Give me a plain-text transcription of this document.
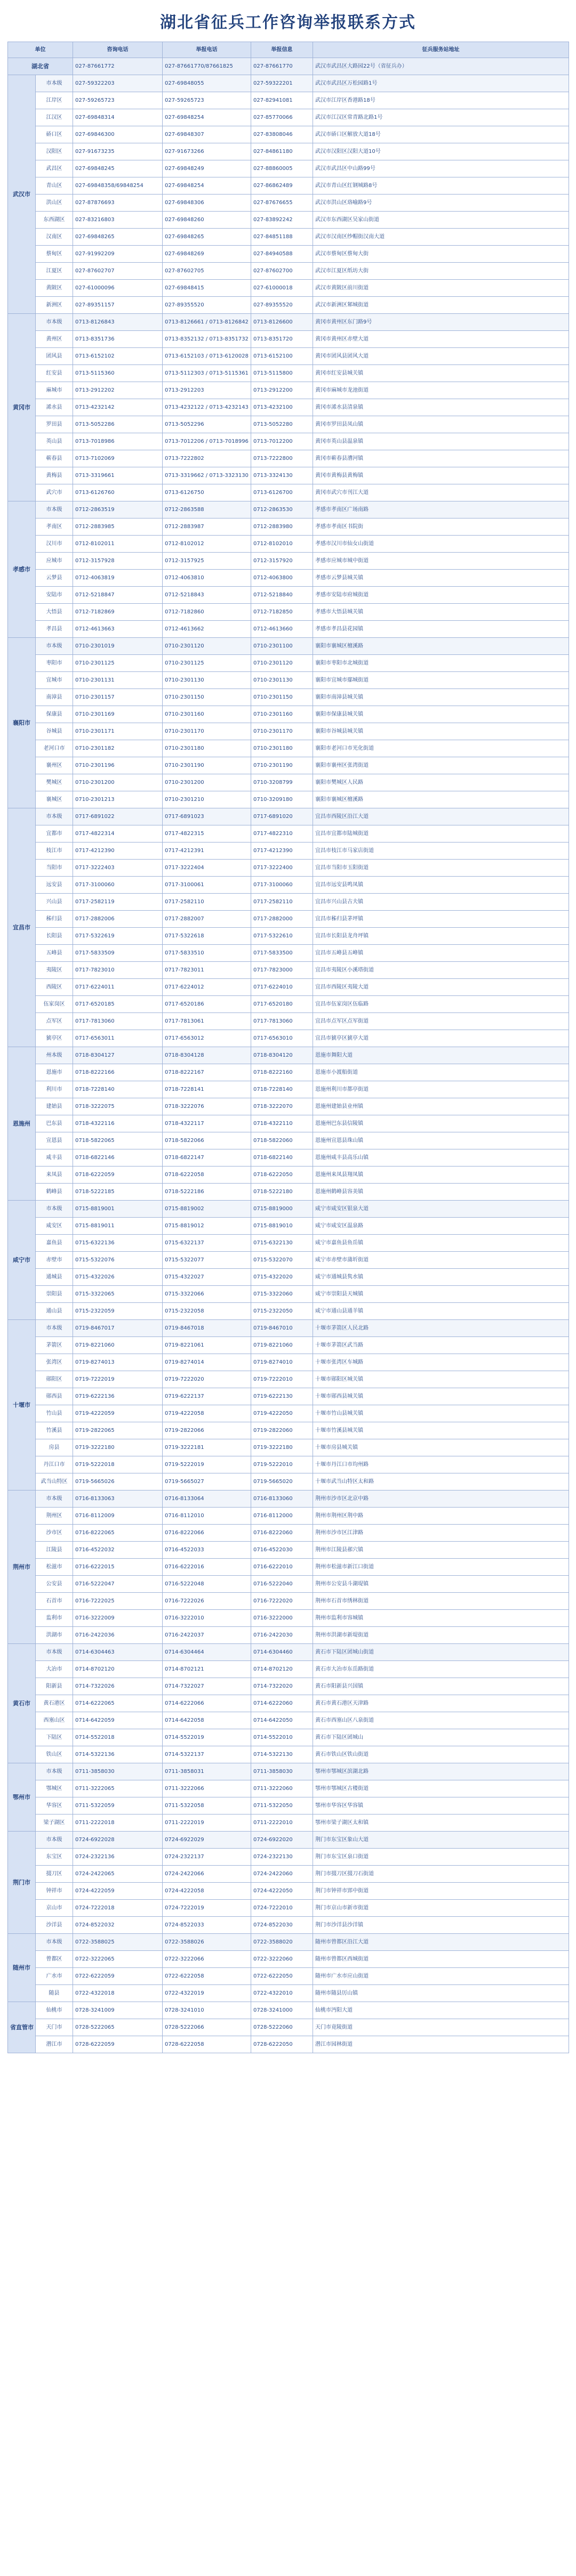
湖北省征兵工作咨询举报联系方式
单位		咨询电话	举报电话	举报信息	征兵服务站地址
湖北省		027-87661772	027-87661770/87661825	027-87661770	武汉市武昌区大路园22号（省征兵办）
武汉市	市本级	027-59322203	027-69848055	027-59322201	武汉市武昌区万松园路1号
	江岸区	027-59265723	027-59265723	027-82941081	武汉市江岸区香港路18号
	江汉区	027-69848314	027-69848254	027-85770066	武汉市江汉区常青路北路1号
	硚口区	027-69846300	027-69848307	027-83808046	武汉市硚口区解放大道18号
	汉阳区	027-91673235	027-91673266	027-84861180	武汉市汉阳区汉阳大道10号
	武昌区	027-69848245	027-69848249	027-88860005	武汉市武昌区中山路99号
	青山区	027-69848358/69848254	027-69848254	027-86862489	武汉市青山区红钢城路8号
	洪山区	027-87876693	027-69848306	027-87676655	武汉市洪山区珞喻路9号
	东西湖区	027-83216803	027-69848260	027-83892242	武汉市东西湖区吴家山街道
	汉南区	027-69848265	027-69848265	027-84851188	武汉市汉南区纱帽街汉南大道
	蔡甸区	027-91992209	027-69848269	027-84940588	武汉市蔡甸区蔡甸大街
	江夏区	027-87602707	027-87602705	027-87602700	武汉市江夏区纸坊大街
	黄陂区	027-61000096	027-69848415	027-61000018	武汉市黄陂区前川街道
	新洲区	027-89351157	027-89355520	027-89355520	武汉市新洲区邾城街道
黄冈市	市本级	0713-8126843	0713-8126661 / 0713-8126842	0713-8126600	黄冈市黄州区东门路9号
	黄州区	0713-8351736	0713-8352132 / 0713-8351732	0713-8351720	黄冈市黄州区赤壁大道
	团风县	0713-6152102	0713-6152103 / 0713-6120028	0713-6152100	黄冈市团风县团风大道
	红安县	0713-5115360	0713-5112303 / 0713-5115361	0713-5115800	黄冈市红安县城关镇
	麻城市	0713-2912202	0713-2912203	0713-2912200	黄冈市麻城市龙池街道
	浠水县	0713-4232142	0713-4232122 / 0713-4232143	0713-4232100	黄冈市浠水县清泉镇
	罗田县	0713-5052286	0713-5052296	0713-5052280	黄冈市罗田县凤山镇
	英山县	0713-7018986	0713-7012206 / 0713-7018996	0713-7012200	黄冈市英山县温泉镇
	蕲春县	0713-7102069	0713-7222802	0713-7222800	黄冈市蕲春县漕河镇
	黄梅县	0713-3319661	0713-3319662 / 0713-3323130	0713-3324130	黄冈市黄梅县黄梅镇
	武穴市	0713-6126760	0713-6126750	0713-6126700	黄冈市武穴市刊江大道
孝感市	市本级	0712-2863519	0712-2863588	0712-2863530	孝感市孝南区广场南路
	孝南区	0712-2883985	0712-2883987	0712-2883980	孝感市孝南区书院街
	汉川市	0712-8102011	0712-8102012	0712-8102010	孝感市汉川市仙女山街道
	应城市	0712-3157928	0712-3157925	0712-3157920	孝感市应城市城中街道
	云梦县	0712-4063819	0712-4063810	0712-4063800	孝感市云梦县城关镇
	安陆市	0712-5218847	0712-5218843	0712-5218840	孝感市安陆市府城街道
	大悟县	0712-7182869	0712-7182860	0712-7182850	孝感市大悟县城关镇
	孝昌县	0712-4613663	0712-4613662	0712-4613660	孝感市孝昌县花园镇
襄阳市	市本级	0710-2301019	0710-2301120	0710-2301100	襄阳市襄城区檀溪路
	枣阳市	0710-2301125	0710-2301125	0710-2301120	襄阳市枣阳市北城街道
	宜城市	0710-2301131	0710-2301130	0710-2301130	襄阳市宜城市鄢城街道
	南漳县	0710-2301157	0710-2301150	0710-2301150	襄阳市南漳县城关镇
	保康县	0710-2301169	0710-2301160	0710-2301160	襄阳市保康县城关镇
	谷城县	0710-2301171	0710-2301170	0710-2301170	襄阳市谷城县城关镇
	老河口市	0710-2301182	0710-2301180	0710-2301180	襄阳市老河口市光化街道
	襄州区	0710-2301196	0710-2301190	0710-2301190	襄阳市襄州区张湾街道
	樊城区	0710-2301200	0710-2301200	0710-3208799	襄阳市樊城区人民路
	襄城区	0710-2301213	0710-2301210	0710-3209180	襄阳市襄城区檀溪路
宜昌市	市本级	0717-6891022	0717-6891023	0717-6891020	宜昌市西陵区沿江大道
	宜都市	0717-4822314	0717-4822315	0717-4822310	宜昌市宜都市陆城街道
	枝江市	0717-4212390	0717-4212391	0717-4212390	宜昌市枝江市马家店街道
	当阳市	0717-3222403	0717-3222404	0717-3222400	宜昌市当阳市玉阳街道
	远安县	0717-3100060	0717-3100061	0717-3100060	宜昌市远安县鸣凤镇
	兴山县	0717-2582119	0717-2582110	0717-2582110	宜昌市兴山县古夫镇
	秭归县	0717-2882006	0717-2882007	0717-2882000	宜昌市秭归县茅坪镇
	长阳县	0717-5322619	0717-5322618	0717-5322610	宜昌市长阳县龙舟坪镇
	五峰县	0717-5833509	0717-5833510	0717-5833500	宜昌市五峰县五峰镇
	夷陵区	0717-7823010	0717-7823011	0717-7823000	宜昌市夷陵区小溪塔街道
	西陵区	0717-6224011	0717-6224012	0717-6224010	宜昌市西陵区夷陵大道
	伍家岗区	0717-6520185	0717-6520186	0717-6520180	宜昌市伍家岗区伍临路
	点军区	0717-7813060	0717-7813061	0717-7813060	宜昌市点军区点军街道
	猇亭区	0717-6563011	0717-6563012	0717-6563010	宜昌市猇亭区猇亭大道
恩施州	州本级	0718-8304127	0718-8304128	0718-8304120	恩施市舞阳大道
	恩施市	0718-8222166	0718-8222167	0718-8222160	恩施市小渡船街道
	利川市	0718-7228140	0718-7228141	0718-7228140	恩施州利川市都亭街道
	建始县	0718-3222075	0718-3222076	0718-3222070	恩施州建始县业州镇
	巴东县	0718-4322116	0718-4322117	0718-4322110	恩施州巴东县信陵镇
	宣恩县	0718-5822065	0718-5822066	0718-5822060	恩施州宣恩县珠山镇
	咸丰县	0718-6822146	0718-6822147	0718-6822140	恩施州咸丰县高乐山镇
	来凤县	0718-6222059	0718-6222058	0718-6222050	恩施州来凤县翔凤镇
	鹤峰县	0718-5222185	0718-5222186	0718-5222180	恩施州鹤峰县容美镇
咸宁市	市本级	0715-8819001	0715-8819002	0715-8819000	咸宁市咸安区银泉大道
	咸安区	0715-8819011	0715-8819012	0715-8819010	咸宁市咸安区温泉路
	嘉鱼县	0715-6322136	0715-6322137	0715-6322130	咸宁市嘉鱼县鱼岳镇
	赤壁市	0715-5322076	0715-5322077	0715-5322070	咸宁市赤壁市蒲圻街道
	通城县	0715-4322026	0715-4322027	0715-4322020	咸宁市通城县隽水镇
	崇阳县	0715-3322065	0715-3322066	0715-3322060	咸宁市崇阳县天城镇
	通山县	0715-2322059	0715-2322058	0715-2322050	咸宁市通山县通羊镇
十堰市	市本级	0719-8467017	0719-8467018	0719-8467010	十堰市茅箭区人民北路
	茅箭区	0719-8221060	0719-8221061	0719-8221060	十堰市茅箭区武当路
	张湾区	0719-8274013	0719-8274014	0719-8274010	十堰市张湾区车城路
	郧阳区	0719-7222019	0719-7222020	0719-7222010	十堰市郧阳区城关镇
	郧西县	0719-6222136	0719-6222137	0719-6222130	十堰市郧西县城关镇
	竹山县	0719-4222059	0719-4222058	0719-4222050	十堰市竹山县城关镇
	竹溪县	0719-2822065	0719-2822066	0719-2822060	十堰市竹溪县城关镇
	房县	0719-3222180	0719-3222181	0719-3222180	十堰市房县城关镇
	丹江口市	0719-5222018	0719-5222019	0719-5222010	十堰市丹江口市均州路
	武当山特区	0719-5665026	0719-5665027	0719-5665020	十堰市武当山特区太和路
荆州市	市本级	0716-8133063	0716-8133064	0716-8133060	荆州市沙市区北京中路
	荆州区	0716-8112009	0716-8112010	0716-8112000	荆州市荆州区荆中路
	沙市区	0716-8222065	0716-8222066	0716-8222060	荆州市沙市区江津路
	江陵县	0716-4522032	0716-4522033	0716-4522030	荆州市江陵县郝穴镇
	松滋市	0716-6222015	0716-6222016	0716-6222010	荆州市松滋市新江口街道
	公安县	0716-5222047	0716-5222048	0716-5222040	荆州市公安县斗湖堤镇
	石首市	0716-7222025	0716-7222026	0716-7222020	荆州市石首市绣林街道
	监利市	0716-3222009	0716-3222010	0716-3222000	荆州市监利市容城镇
	洪湖市	0716-2422036	0716-2422037	0716-2422030	荆州市洪湖市新堤街道
黄石市	市本级	0714-6304463	0714-6304464	0714-6304460	黄石市下陆区团城山街道
	大冶市	0714-8702120	0714-8702121	0714-8702120	黄石市大冶市东岳路街道
	阳新县	0714-7322026	0714-7322027	0714-7322020	黄石市阳新县兴国镇
	黄石港区	0714-6222065	0714-6222066	0714-6222060	黄石市黄石港区天津路
	西塞山区	0714-6422059	0714-6422058	0714-6422050	黄石市西塞山区八泉街道
	下陆区	0714-5522018	0714-5522019	0714-5522010	黄石市下陆区团城山
	铁山区	0714-5322136	0714-5322137	0714-5322130	黄石市铁山区铁山街道
鄂州市	市本级	0711-3858030	0711-3858031	0711-3858030	鄂州市鄂城区滨湖北路
	鄂城区	0711-3222065	0711-3222066	0711-3222060	鄂州市鄂城区古楼街道
	华容区	0711-5322059	0711-5322058	0711-5322050	鄂州市华容区华容镇
	梁子湖区	0711-2222018	0711-2222019	0711-2222010	鄂州市梁子湖区太和镇
荆门市	市本级	0724-6922028	0724-6922029	0724-6922020	荆门市东宝区象山大道
	东宝区	0724-2322136	0724-2322137	0724-2322130	荆门市东宝区泉口街道
	掇刀区	0724-2422065	0724-2422066	0724-2422060	荆门市掇刀区掇刀石街道
	钟祥市	0724-4222059	0724-4222058	0724-4222050	荆门市钟祥市郢中街道
	京山市	0724-7222018	0724-7222019	0724-7222010	荆门市京山市新市街道
	沙洋县	0724-8522032	0724-8522033	0724-8522030	荆门市沙洋县沙洋镇
随州市	市本级	0722-3588025	0722-3588026	0722-3588020	随州市曾都区沿江大道
	曾都区	0722-3222065	0722-3222066	0722-3222060	随州市曾都区西城街道
	广水市	0722-6222059	0722-6222058	0722-6222050	随州市广水市应山街道
	随县	0722-4322018	0722-4322019	0722-4322010	随州市随县厉山镇
省直管市	仙桃市	0728-3241009	0728-3241010	0728-3241000	仙桃市沔阳大道
	天门市	0728-5222065	0728-5222066	0728-5222060	天门市竟陵街道
	潜江市	0728-6222059	0728-6222058	0728-6222050	潜江市园林街道
